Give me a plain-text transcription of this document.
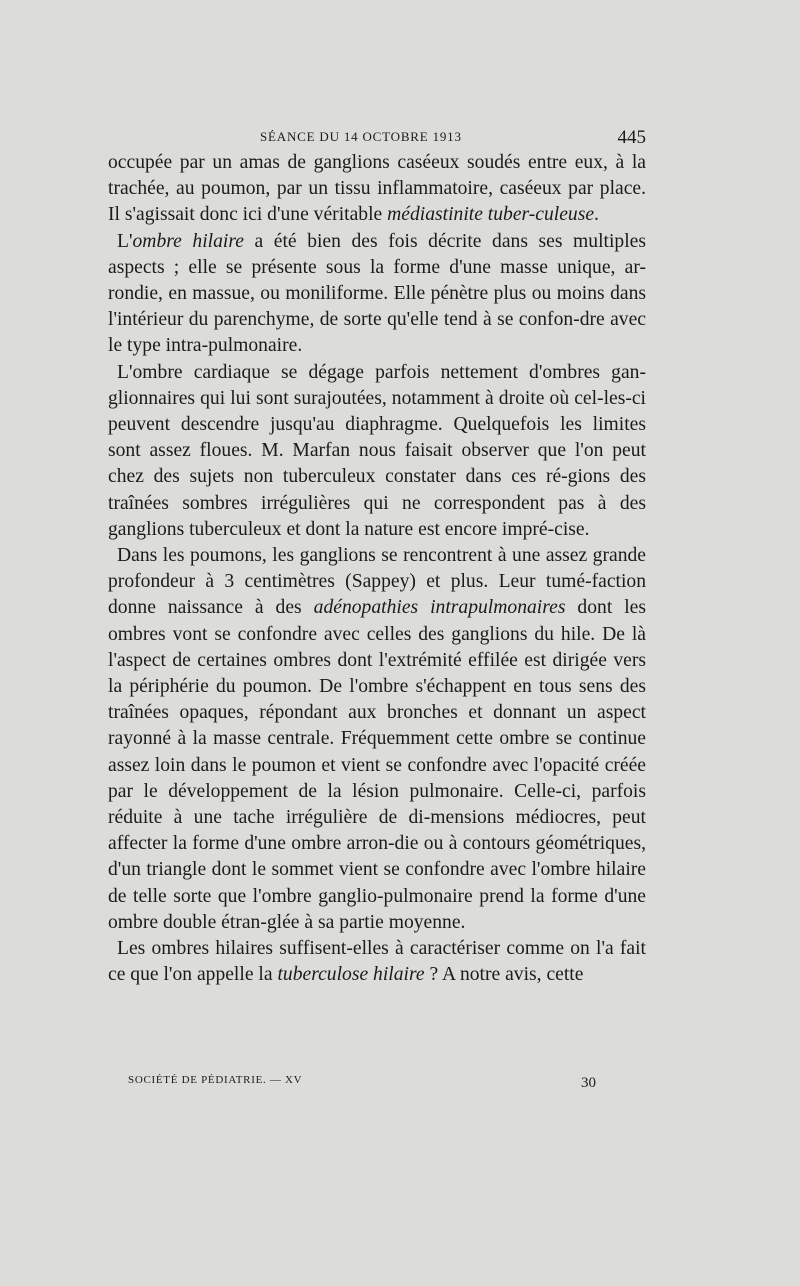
SÉANCE DU 14 OCTOBRE 1913	445

occupée par un amas de ganglions caséeux soudés entre eux, à la trachée, au poumon, par un tissu inflammatoire, caséeux par place. Il s'agissait donc ici d'une véritable médiastinite tuber-culeuse.

L'ombre hilaire a été bien des fois décrite dans ses multiples aspects ; elle se présente sous la forme d'une masse unique, ar-rondie, en massue, ou moniliforme. Elle pénètre plus ou moins dans l'intérieur du parenchyme, de sorte qu'elle tend à se confon-dre avec le type intra-pulmonaire.

L'ombre cardiaque se dégage parfois nettement d'ombres gan-glionnaires qui lui sont surajoutées, notamment à droite où cel-les-ci peuvent descendre jusqu'au diaphragme. Quelquefois les limites sont assez floues. M. Marfan nous faisait observer que l'on peut chez des sujets non tuberculeux constater dans ces ré-gions des traînées sombres irrégulières qui ne correspondent pas à des ganglions tuberculeux et dont la nature est encore impré-cise.

Dans les poumons, les ganglions se rencontrent à une assez grande profondeur à 3 centimètres (Sappey) et plus. Leur tumé-faction donne naissance à des adénopathies intrapulmonaires dont les ombres vont se confondre avec celles des ganglions du hile. De là l'aspect de certaines ombres dont l'extrémité effilée est dirigée vers la périphérie du poumon. De l'ombre s'échappent en tous sens des traînées opaques, répondant aux bronches et donnant un aspect rayonné à la masse centrale. Fréquemment cette ombre se continue assez loin dans le poumon et vient se confondre avec l'opacité créée par le développement de la lésion pulmonaire. Celle-ci, parfois réduite à une tache irrégulière de di-mensions médiocres, peut affecter la forme d'une ombre arron-die ou à contours géométriques, d'un triangle dont le sommet vient se confondre avec l'ombre hilaire de telle sorte que l'ombre ganglio-pulmonaire prend la forme d'une ombre double étran-glée à sa partie moyenne.

Les ombres hilaires suffisent-elles à caractériser comme on l'a fait ce que l'on appelle la tuberculose hilaire ? A notre avis, cette

SOCIÉTÉ DE PÉDIATRIE. — XV	30
